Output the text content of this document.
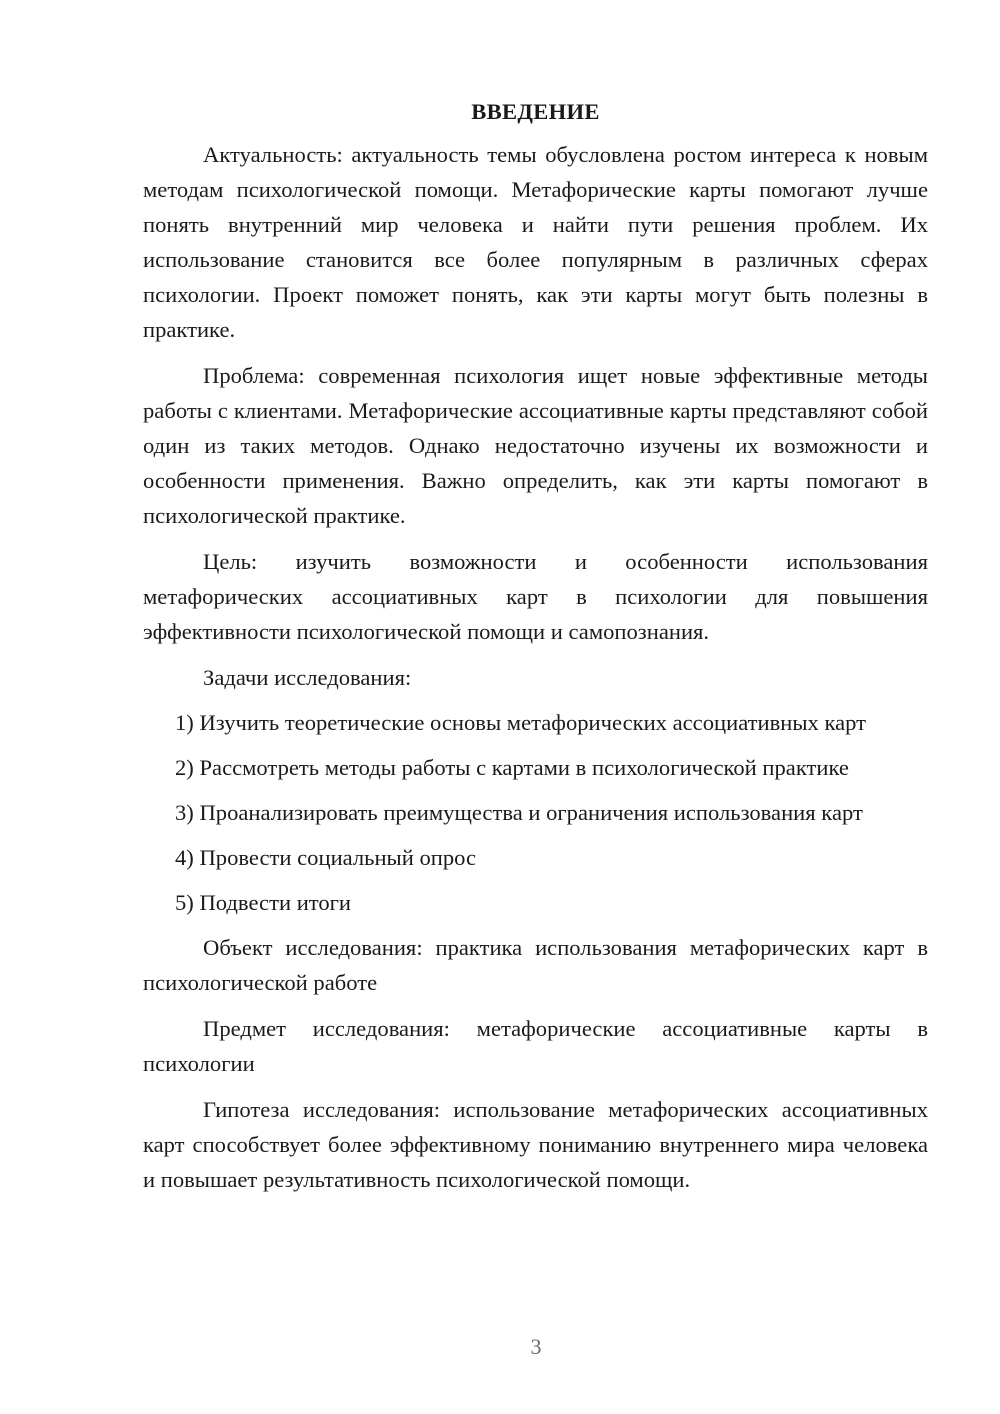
ВВЕДЕНИЕ

Актуальность: актуальность темы обусловлена ростом интереса к новым методам психологической помощи. Метафорические карты помогают лучше понять внутренний мир человека и найти пути решения проблем. Их использование становится все более популярным в различных сферах психологии. Проект поможет понять, как эти карты могут быть полезны в практике.

Проблема: современная психология ищет новые эффективные методы работы с клиентами. Метафорические ассоциативные карты представляют собой один из таких методов. Однако недостаточно изучены их возможности и особенности применения. Важно определить, как эти карты помогают в психологической практике.

Цель: изучить возможности и особенности использования метафорических ассоциативных карт в психологии для повышения эффективности психологической помощи и самопознания.

Задачи исследования:

1) Изучить теоретические основы метафорических ассоциативных карт

2) Рассмотреть методы работы с картами в психологической практике

3) Проанализировать преимущества и ограничения использования карт

4) Провести социальный опрос

5) Подвести итоги

Объект исследования: практика использования метафорических карт в психологической работе

Предмет исследования: метафорические ассоциативные карты в психологии

Гипотеза исследования: использование метафорических ассоциативных карт способствует более эффективному пониманию внутреннего мира человека и повышает результативность психологической помощи.

3
